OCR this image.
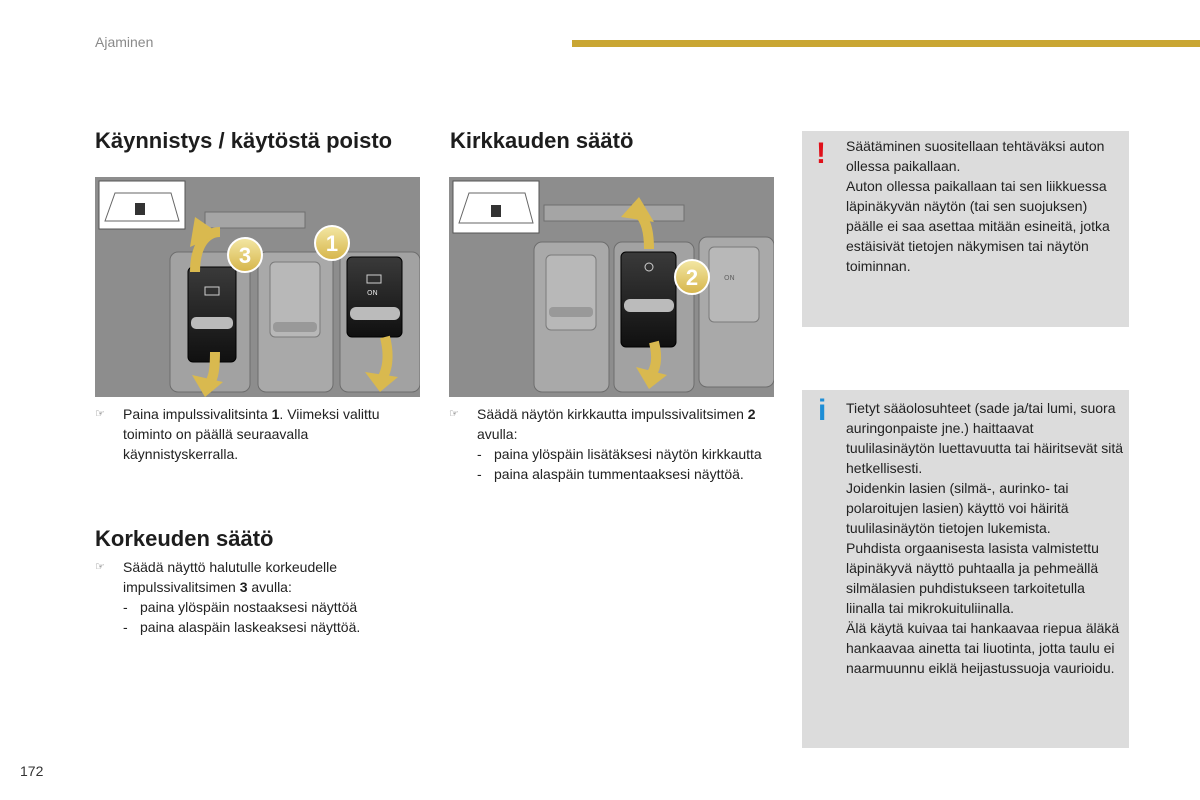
Ajaminen
Käynnistys / käytöstä poisto
ON
3	1
☞ Paina impulssivalitsinta 1. Viimeksi valittu toiminto on päällä seuraavalla käynnistyskerralla.
Korkeuden säätö
☞ Säädä näyttö halutulle korkeudelle impulssivalitsimen 3 avulla:
- paina ylöspäin nostaaksesi näyttöä
- paina alaspäin laskeaksesi näyttöä.
Kirkkauden säätö
ON
2
☞ Säädä näytön kirkkautta impulssivalitsimen 2 avulla:
- paina ylöspäin lisätäksesi näytön kirkkautta
- paina alaspäin tummentaaksesi näyttöä.
! Säätäminen suositellaan tehtäväksi auton ollessa paikallaan.

Auton ollessa paikallaan tai sen liikkuessa läpinäkyvän näytön (tai sen suojuksen) päälle ei saa asettaa mitään esineitä, jotka estäisivät tietojen näkymisen tai näytön toiminnan.

i Tietyt sääolosuhteet (sade ja/tai lumi, suora auringonpaiste jne.) haittaavat tuulilasinäytön luettavuutta tai häiritsevät sitä hetkellisesti.

Joidenkin lasien (silmä-, aurinko- tai polaroitujen lasien) käyttö voi häiritä tuulilasinäytön tietojen lukemista.

Puhdista orgaanisesta lasista valmistettu läpinäkyvä näyttö puhtaalla ja pehmeällä silmälasien puhdistukseen tarkoitetulla liinalla tai mikrokuituliinalla.

Älä käytä kuivaa tai hankaavaa riepua äläkä hankaavaa ainetta tai liuotinta, jotta taulu ei naarmuunnu eiklä heijastussuoja vaurioidu.

172
